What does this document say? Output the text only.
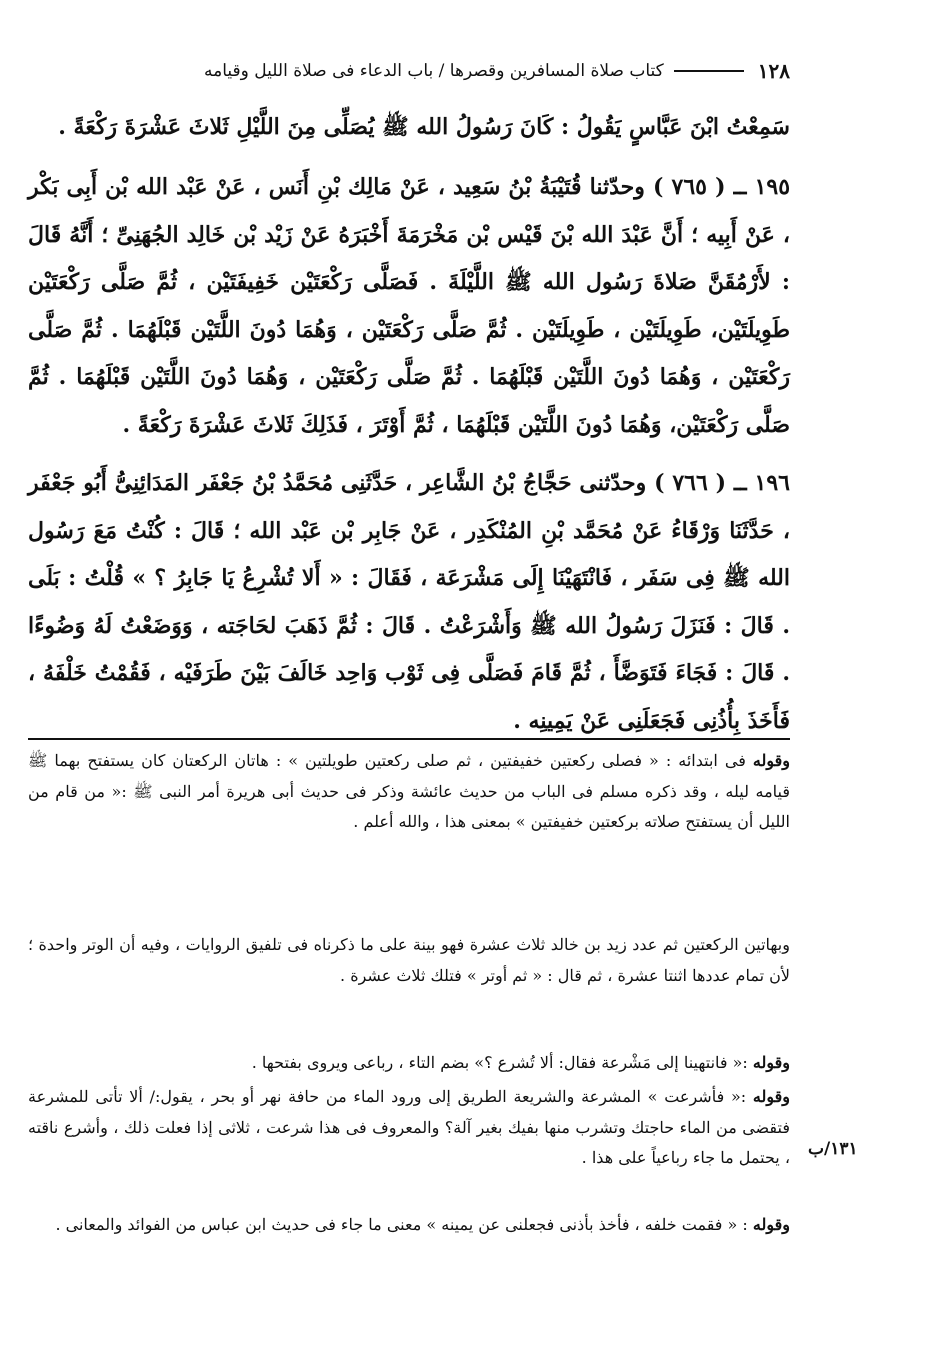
١٢٨
كتاب صلاة المسافرين وقصرها / باب الدعاء فى صلاة الليل وقيامه

سَمِعْتُ ابْنَ عَبَّاسٍ يَقُولُ : كَانَ رَسُولُ الله ﷺ يُصَلِّى مِنَ اللَّيْلِ ثَلاثَ عَشْرَةَ رَكْعَةً .

١٩٥ ــ ( ٧٦٥ ) وحدّثنا قُتَيْبَةُ بْنُ سَعِيد ، عَنْ مَالِك بْنِ أَنَس ، عَنْ عَبْد الله بْن أَبِى بَكْر ، عَنْ أَبِيه ؛ أَنَّ عَبْدَ الله بْنَ قَيْس بْن مَخْرَمَةَ أَخْبَرَهُ عَنْ زَيْد بْن خَالِد الجُهَنِىِّ ؛ أَنَّهُ قَالَ : لأَرْمُقَنَّ صَلاةَ رَسُول الله ﷺ اللَّيْلَةَ . فَصَلَّى رَكْعَتَيْن خَفِيفَتَيْن ، ثُمَّ صَلَّى رَكْعَتَيْن طَوِيلَتَيْن، طَوِيلَتَيْن ، طَوِيلَتَيْن . ثُمَّ صَلَّى رَكْعَتَيْن ، وَهُمَا دُونَ اللَّتَيْن قَبْلَهُمَا . ثُمَّ صَلَّى رَكْعَتَيْن ، وَهُمَا دُونَ اللَّتَيْن قَبْلَهُمَا . ثُمَّ صَلَّى رَكْعَتَيْن ، وَهُمَا دُونَ اللَّتَيْن قَبْلَهُمَا . ثُمَّ صَلَّى رَكْعَتَيْن، وَهُمَا دُونَ اللَّتَيْن قَبْلَهُمَا ، ثُمَّ أَوْتَرَ ، فَذَلِكَ ثَلاثَ عَشْرَةَ رَكْعَةً .

١٩٦ ــ ( ٧٦٦ ) وحدّثنى حَجَّاجُ بْنُ الشَّاعِر ، حَدَّثَنِى مُحَمَّدُ بْنُ جَعْفَر المَدَائِنِىُّ أَبُو جَعْفَر ، حَدَّثَنَا وَرْقَاءُ عَنْ مُحَمَّد بْنِ المُنْكَدِر ، عَنْ جَابِر بْن عَبْد الله ؛ قَالَ : كُنْتُ مَعَ رَسُول الله ﷺ فِى سَفَر ، فَانْتَهَيْنَا إِلَى مَشْرَعَة ، فَقَالَ : « أَلا تُشْرِعُ يَا جَابِرُ ؟ » قُلْتُ : بَلَى . قَالَ : فَنَزَلَ رَسُولُ الله ﷺ وَأَشْرَعْتُ . قَالَ : ثُمَّ ذَهَبَ لحَاجَته ، وَوَضَعْتُ لَهُ وَضُوءًا . قَالَ : فَجَاءَ فَتَوَضَّأَ ، ثُمَّ قَامَ فَصَلَّى فِى ثَوْب وَاحِد خَالَفَ بَيْنَ طَرَفَيْه ، فَقُمْتُ خَلْفَهُ ، فَأَخَذَ بِأُذُنِى فَجَعَلَنِى عَنْ يَمِينِه .

وقوله فى ابتدائه : « فصلى ركعتين خفيفتين ، ثم صلى ركعتين طويلتين » : هاتان الركعتان كان يستفتح بهما ﷺ قيامه ليله ، وقد ذكره مسلم فى الباب من حديث عائشة وذكر فى حديث أبى هريرة أمر النبى ﷺ :« من قام من الليل أن يستفتح صلاته بركعتين خفيفتين » بمعنى هذا ، والله أعلم .

وبهاتين الركعتين ثم عدد زيد بن خالد ثلاث عشرة فهو بينة على ما ذكرناه فى تلفيق الروايات ، وفيه أن الوتر واحدة ؛ لأن تمام عددها اثنتا عشرة ، ثم قال : « ثم أوتر » فتلك ثلاث عشرة .

وقوله :« فانتهينا إلى مَشْرعة فقال: ألا تُشرع ؟» بضم التاء ، رباعى ويروى بفتحها .

وقوله :« فأشرعت » المشرعة والشريعة الطريق إلى ورود الماء من حافة نهر أو بحر ، يقول:/ ألا تأتى للمشرعة فتقضى من الماء حاجتك وتشرب منها بفيك بغير آلة؟ والمعروف فى هذا شرعت ، ثلاثى إذا فعلت ذلك ، وأشرع ناقته ، يحتمل ما جاء رباعياً على هذا .

وقوله : « فقمت خلفه ، فأخذ بأذنى فجعلنى عن يمينه » معنى ما جاء فى حديث ابن عباس من الفوائد والمعانى .

١٣١/ب
